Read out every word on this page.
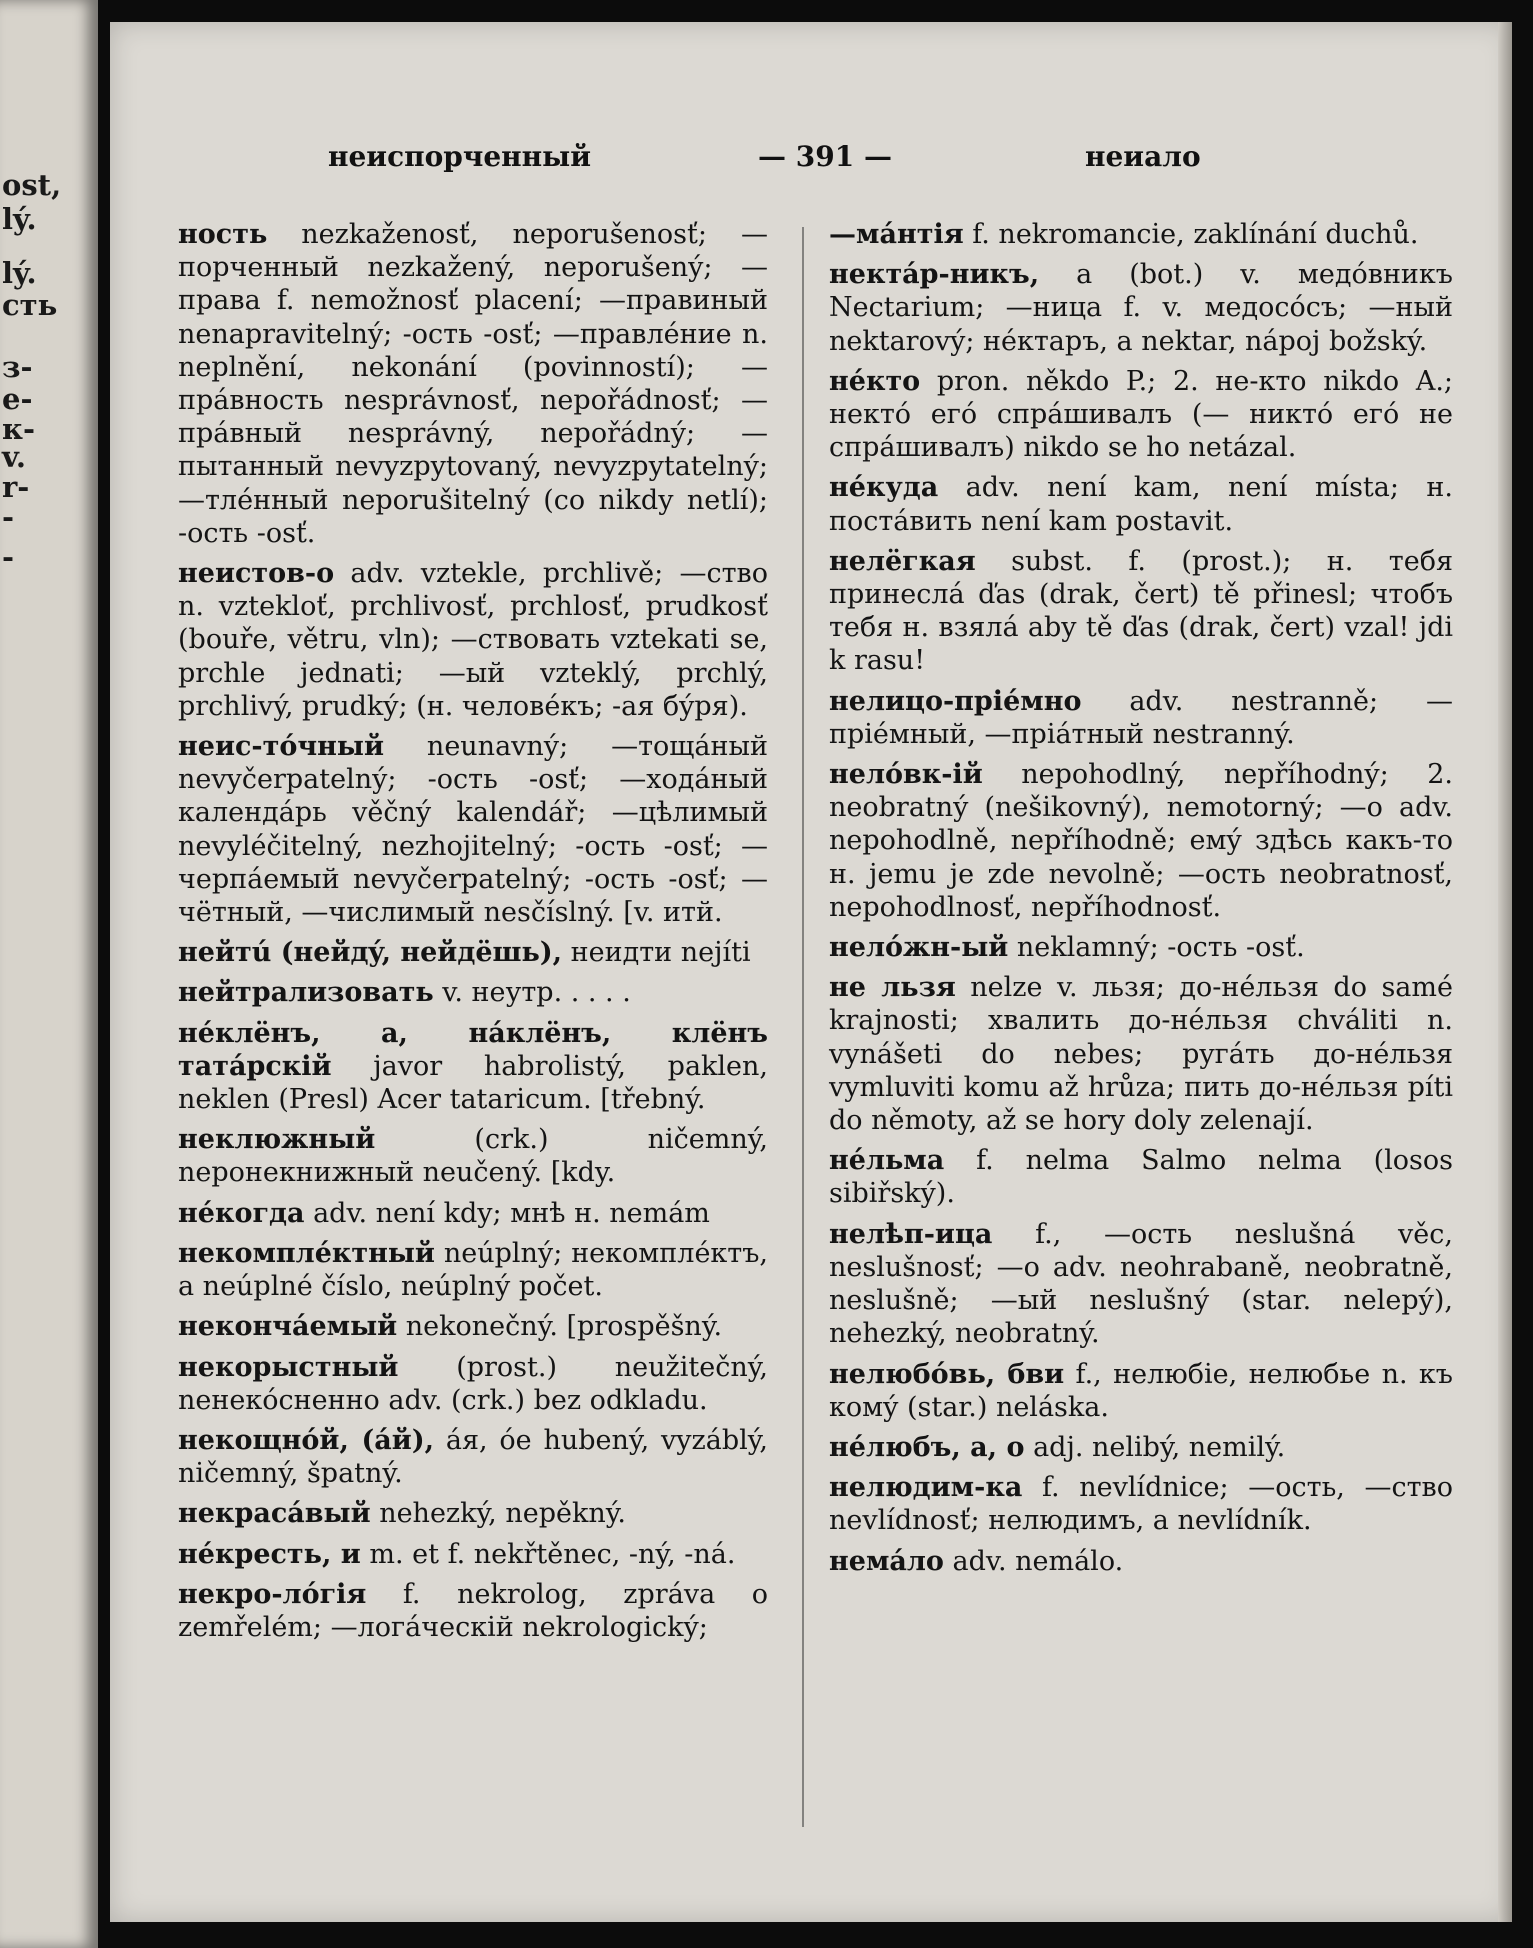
ost,
lý.
lý.
сть
з-
е-
к-
v.
r-
-
-
неиспорченный	— 391 —	неиало

ность nezkaženosť, neporušenosť; —порченный nezkažený, neporušený; —права f. nemožnosť placení; —правиный nenapravitelný; -ость -osť; —правлéние n. neplnění, nekonání (povinností); —прáвность nesprávnosť, nepořádnosť; —прáвный nesprávný, nepořádný; —пытанный nevyzpytovaný, nevyzpytatelný; —тлéнный neporušitelný (co nikdy netlí); -ость -osť.

неистов-о adv. vztekle, prchlivě; —ство n. vztekloť, prchlivosť, prchlosť, prudkosť (bouře, větru, vln); —ствовать vztekati se, prchle jednati; —ый vzteklý, prchlý, prchlivý, prudký; (н. человéкъ; -ая бýря).

неис-тóчный neunavný; —тощáный nevyčerpatelný; -ость -osť; —ходáный календáрь věčný kalendář; —цѣлимый nevyléčitelný, nezhojitelný; -ость -osť; —черпáемый nevyčerpatelný; -ость -osť; —чётный, —числимый nesčíslný. [v. итй.

нейтú (нейдý, нейдёшь), неидти nejíti

нейтрализовать v. неутр. . . . .

нéклёнъ, а, нáклёнъ, клёнъ татáрскій javor habrolistý, paklen, neklen (Presl) Acer tataricum. [třebný.

неклюжный (crk.) ničemný, nepoнекнижный neučený. [kdy.

нéкогда adv. není kdy; мнѣ н. nemám

некомплéктный neúplný; некомплéктъ, а neúplné číslo, neúplný počet.

некончáемый nekonečný. [prospěšný.

некорыстный (prost.) neužitečný, neнекóсненно adv. (crk.) bez odkladu.

некощнóй, (áй), áя, óе hubený, vyzáblý, ničemný, špatný.

некрасáвый nehezký, nepěkný.

нéкресть, и m. et f. nekřtěnec, -ný, -ná.

некро-лóгія f. nekrolog, zpráva o zemřelém; —логáческій nekrologický;

—мáнтія f. nekromancie, zaklínání duchů.

нектáр-никъ, a (bot.) v. медóвникъ Nectarium; —ница f. v. медосóсъ; —ный nektarový; нéктаръ, а nektar, nápoj božský.

нéкто pron. někdo P.; 2. не-кто nikdo A.; нектó егó спрáшивалъ (— никтó егó не спрáшивалъ) nikdo se ho netázal.

нéкуда adv. není kam, není místa; н. постáвить není kam postavit.

нелёгкая subst. f. (prost.); н. тебя принеслá ďas (drak, čert) tě přinesl; чтобъ тебя н. взялá aby tě ďas (drak, čert) vzal! jdi k rasu!

нелицо-пріéмно adv. nestranně; —пріéмный, —пріáтный nestranný.

нелóвк-ій nepohodlný, nepříhodný; 2. neobratný (nešikovný), nemotorný; —о adv. nepohodlně, nepříhodně; емý здѣсь какъ-то н. jemu je zde nevolně; —ость neobratnosť, nepohodlnosť, nepříhodnosť.

нелóжн-ый neklamný; -ость -osť.

не льзя nelze v. льзя; до-нéльзя do samé krajnosti; хвалить до-нéльзя chváliti n. vynášeti do nebes; рyгáть до-нéльзя vymluviti komu až hrůza; пить до-нéльзя píti do němoty, až se hory doly zelenají.

нéльма f. nelma Salmo nelma (losos sibiřský).

нелѣп-ица f., —ость neslušná věc, neslušnosť; —о adv. neohrabaně, neobratně, neslušně; —ый neslušný (star. nelepý), nehezký, neobratný.

нелюбóвь, бви f., нелюбіе, нелюбье n. къ комý (star.) neláska.

нéлюбъ, а, о adj. nelibý, nemilý.

нелюдим-ка f. nevlídnice; —ость, —ство nevlídnosť; нелюдимъ, a nevlídník.

немáло adv. nemálo.
